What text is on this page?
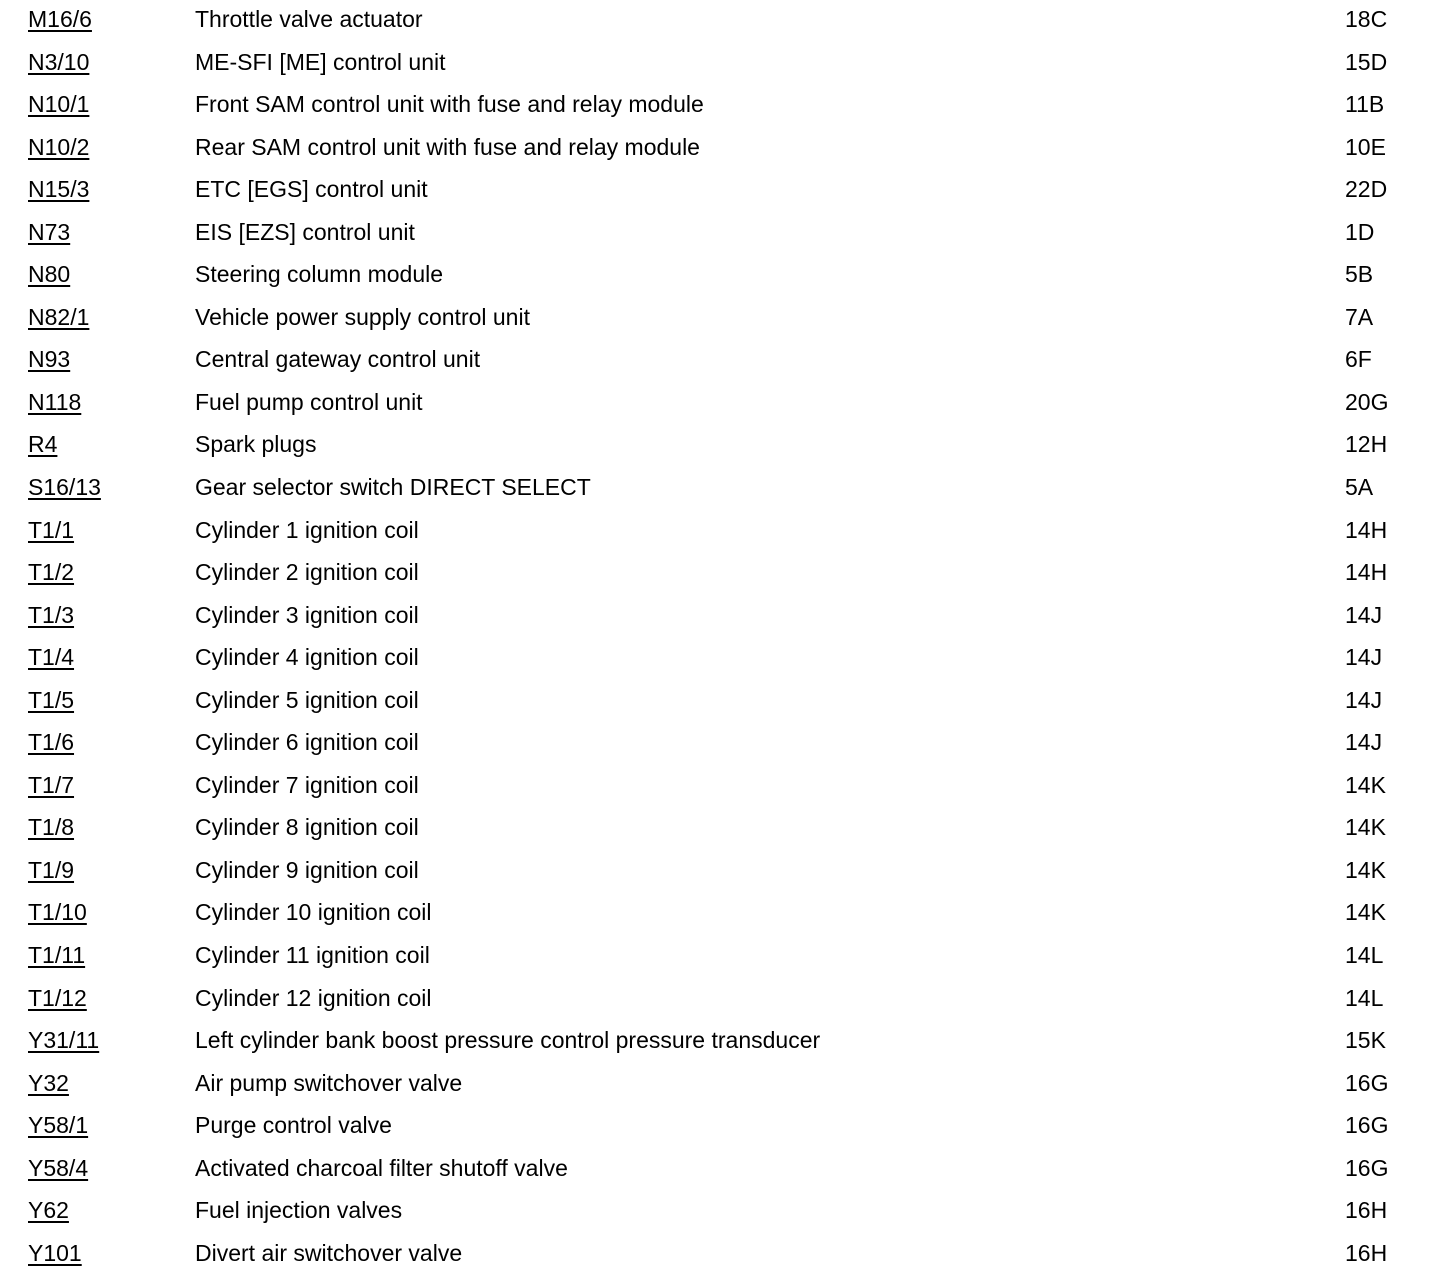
M16/6	Throttle valve actuator	18C
N3/10	ME-SFI [ME] control unit	15D
N10/1	Front SAM control unit with fuse and relay module	11B
N10/2	Rear SAM control unit with fuse and relay module	10E
N15/3	ETC [EGS] control unit	22D
N73	EIS [EZS] control unit	1D
N80	Steering column module	5B
N82/1	Vehicle power supply control unit	7A
N93	Central gateway control unit	6F
N118	Fuel pump control unit	20G
R4	Spark plugs	12H
S16/13	Gear selector switch DIRECT SELECT	5A
T1/1	Cylinder 1 ignition coil	14H
T1/2	Cylinder 2 ignition coil	14H
T1/3	Cylinder 3 ignition coil	14J
T1/4	Cylinder 4 ignition coil	14J
T1/5	Cylinder 5 ignition coil	14J
T1/6	Cylinder 6 ignition coil	14J
T1/7	Cylinder 7 ignition coil	14K
T1/8	Cylinder 8 ignition coil	14K
T1/9	Cylinder 9 ignition coil	14K
T1/10	Cylinder 10 ignition coil	14K
T1/11	Cylinder 11 ignition coil	14L
T1/12	Cylinder 12 ignition coil	14L
Y31/11	Left cylinder bank boost pressure control pressure transducer	15K
Y32	Air pump switchover valve	16G
Y58/1	Purge control valve	16G
Y58/4	Activated charcoal filter shutoff valve	16G
Y62	Fuel injection valves	16H
Y101	Divert air switchover valve	16H
